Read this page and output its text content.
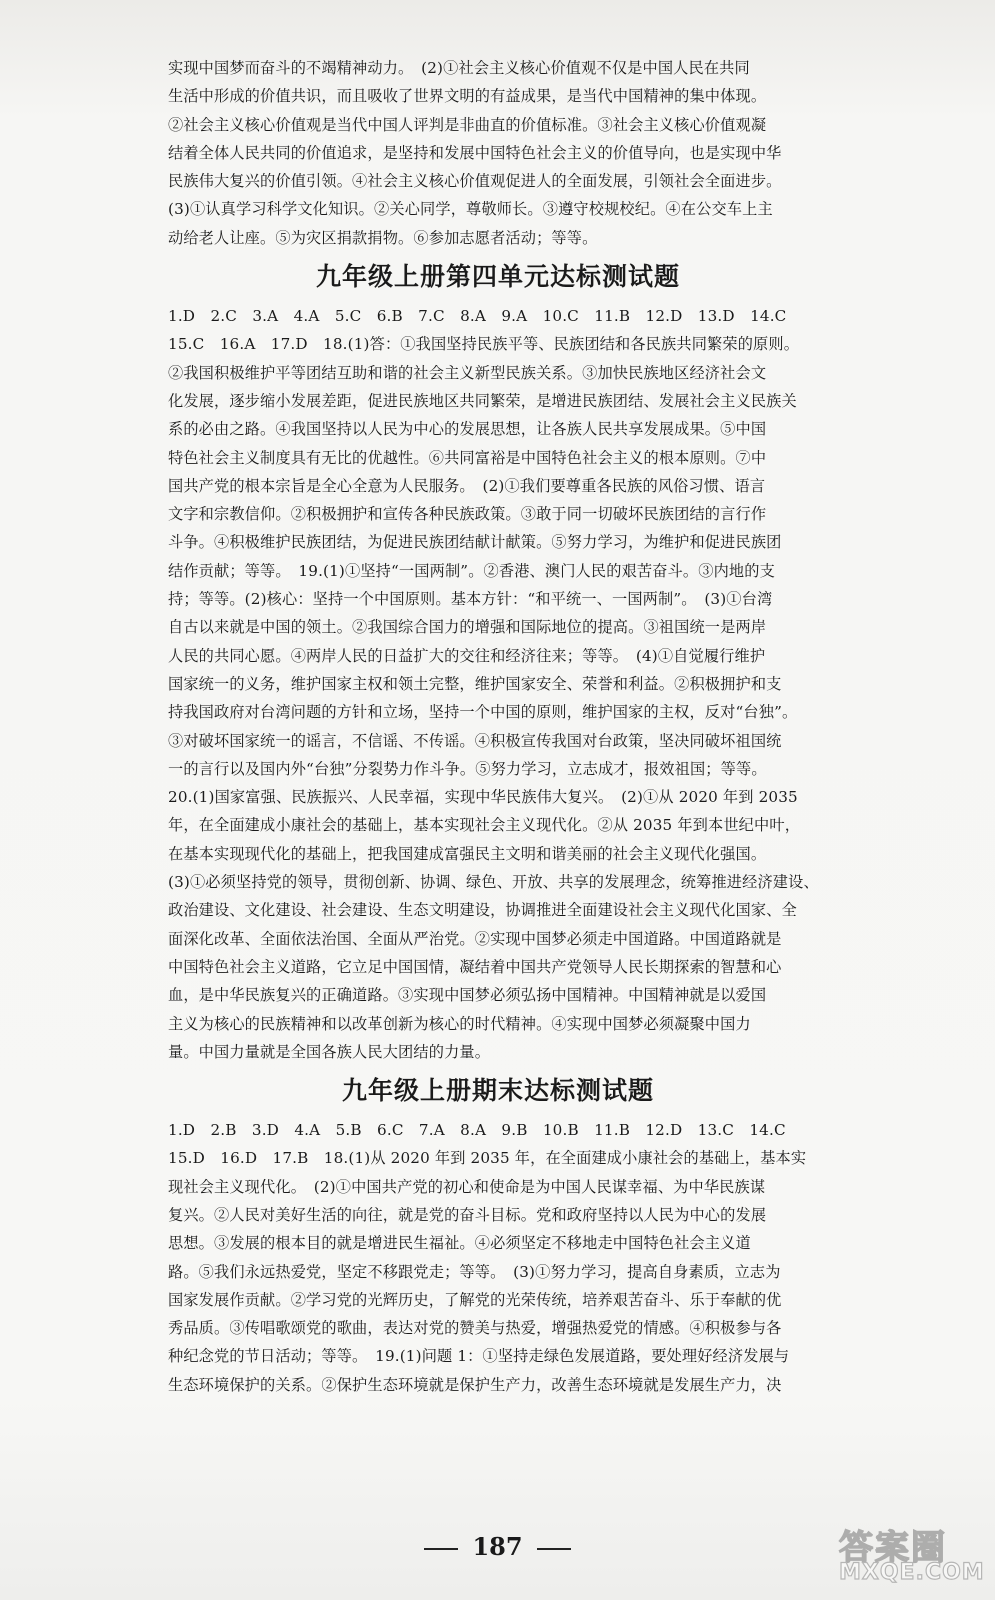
实现中国梦而奋斗的不竭精神动力。　(2)①社会主义核心价值观不仅是中国人民在共同
生活中形成的价值共识，而且吸收了世界文明的有益成果，是当代中国精神的集中体现。
②社会主义核心价值观是当代中国人评判是非曲直的价值标准。③社会主义核心价值观凝
结着全体人民共同的价值追求，是坚持和发展中国特色社会主义的价值导向，也是实现中华
民族伟大复兴的价值引领。④社会主义核心价值观促进人的全面发展，引领社会全面进步。
(3)①认真学习科学文化知识。②关心同学，尊敬师长。③遵守校规校纪。④在公交车上主
动给老人让座。⑤为灾区捐款捐物。⑥参加志愿者活动；等等。
九年级上册第四单元达标测试题
1.D　2.C　3.A　4.A　5.C　6.B　7.C　8.A　9.A　10.C　11.B　12.D　13.D　14.C
15.C　16.A　17.D　18.(1)答：①我国坚持民族平等、民族团结和各民族共同繁荣的原则。
②我国积极维护平等团结互助和谐的社会主义新型民族关系。③加快民族地区经济社会文
化发展，逐步缩小发展差距，促进民族地区共同繁荣，是增进民族团结、发展社会主义民族关
系的必由之路。④我国坚持以人民为中心的发展思想，让各族人民共享发展成果。⑤中国
特色社会主义制度具有无比的优越性。⑥共同富裕是中国特色社会主义的根本原则。⑦中
国共产党的根本宗旨是全心全意为人民服务。　(2)①我们要尊重各民族的风俗习惯、语言
文字和宗教信仰。②积极拥护和宣传各种民族政策。③敢于同一切破坏民族团结的言行作
斗争。④积极维护民族团结，为促进民族团结献计献策。⑤努力学习，为维护和促进民族团
结作贡献；等等。　19.(1)①坚持“一国两制”。②香港、澳门人民的艰苦奋斗。③内地的支
持；等等。(2)核心：坚持一个中国原则。基本方针：“和平统一、一国两制”。　(3)①台湾
自古以来就是中国的领土。②我国综合国力的增强和国际地位的提高。③祖国统一是两岸
人民的共同心愿。④两岸人民的日益扩大的交往和经济往来；等等。　(4)①自觉履行维护
国家统一的义务，维护国家主权和领土完整，维护国家安全、荣誉和利益。②积极拥护和支
持我国政府对台湾问题的方针和立场，坚持一个中国的原则，维护国家的主权，反对“台独”。
③对破坏国家统一的谣言，不信谣、不传谣。④积极宣传我国对台政策，坚决同破坏祖国统
一的言行以及国内外“台独”分裂势力作斗争。⑤努力学习，立志成才，报效祖国；等等。
20.(1)国家富强、民族振兴、人民幸福，实现中华民族伟大复兴。　(2)①从 2020 年到 2035
年，在全面建成小康社会的基础上，基本实现社会主义现代化。②从 2035 年到本世纪中叶，
在基本实现现代化的基础上，把我国建成富强民主文明和谐美丽的社会主义现代化强国。
(3)①必须坚持党的领导，贯彻创新、协调、绿色、开放、共享的发展理念，统筹推进经济建设、
政治建设、文化建设、社会建设、生态文明建设，协调推进全面建设社会主义现代化国家、全
面深化改革、全面依法治国、全面从严治党。②实现中国梦必须走中国道路。中国道路就是
中国特色社会主义道路，它立足中国国情，凝结着中国共产党领导人民长期探索的智慧和心
血，是中华民族复兴的正确道路。③实现中国梦必须弘扬中国精神。中国精神就是以爱国
主义为核心的民族精神和以改革创新为核心的时代精神。④实现中国梦必须凝聚中国力
量。中国力量就是全国各族人民大团结的力量。
九年级上册期末达标测试题
1.D　2.B　3.D　4.A　5.B　6.C　7.A　8.A　9.B　10.B　11.B　12.D　13.C　14.C
15.D　16.D　17.B　18.(1)从 2020 年到 2035 年，在全面建成小康社会的基础上，基本实
现社会主义现代化。　(2)①中国共产党的初心和使命是为中国人民谋幸福、为中华民族谋
复兴。②人民对美好生活的向往，就是党的奋斗目标。党和政府坚持以人民为中心的发展
思想。③发展的根本目的就是增进民生福祉。④必须坚定不移地走中国特色社会主义道
路。⑤我们永远热爱党，坚定不移跟党走；等等。　(3)①努力学习，提高自身素质，立志为
国家发展作贡献。②学习党的光辉历史，了解党的光荣传统，培养艰苦奋斗、乐于奉献的优
秀品质。③传唱歌颂党的歌曲，表达对党的赞美与热爱，增强热爱党的情感。④积极参与各
种纪念党的节日活动；等等。　19.(1)问题 1：①坚持走绿色发展道路，要处理好经济发展与
生态环境保护的关系。②保护生态环境就是保护生产力，改善生态环境就是发展生产力，决
187	答案圈
MXQE.COM
